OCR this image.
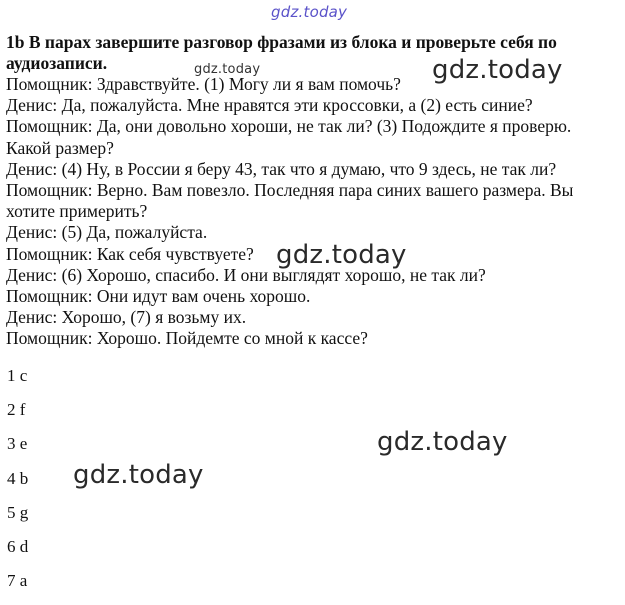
gdz.today

1b В парах завершите разговор фразами из блока и проверьте себя по аудиозаписи.

Помощник: Здравствуйте. (1) Могу ли я вам помочь?
Денис: Да, пожалуйста. Мне нравятся эти кроссовки, а (2) есть синие?
Помощник: Да, они довольно хороши, не так ли? (3) Подождите я проверю. Какой размер?
Денис: (4) Ну, в России я беру 43, так что я думаю, что 9 здесь, не так ли?
Помощник: Верно. Вам повезло. Последняя пара синих вашего размера. Вы хотите примерить?
Денис: (5) Да, пожалуйста.
Помощник: Как себя чувствуете?
Денис: (6) Хорошо, спасибо. И они выглядят хорошо, не так ли?
Помощник: Они идут вам очень хорошо.
Денис: Хорошо, (7) я возьму их.
Помощник: Хорошо. Пойдемте со мной к кассе?
1 c
2 f
3 e
4 b
5 g
6 d
7 a
gdz.today	gdz.today
gdz.today
gdz.today
gdz.today
